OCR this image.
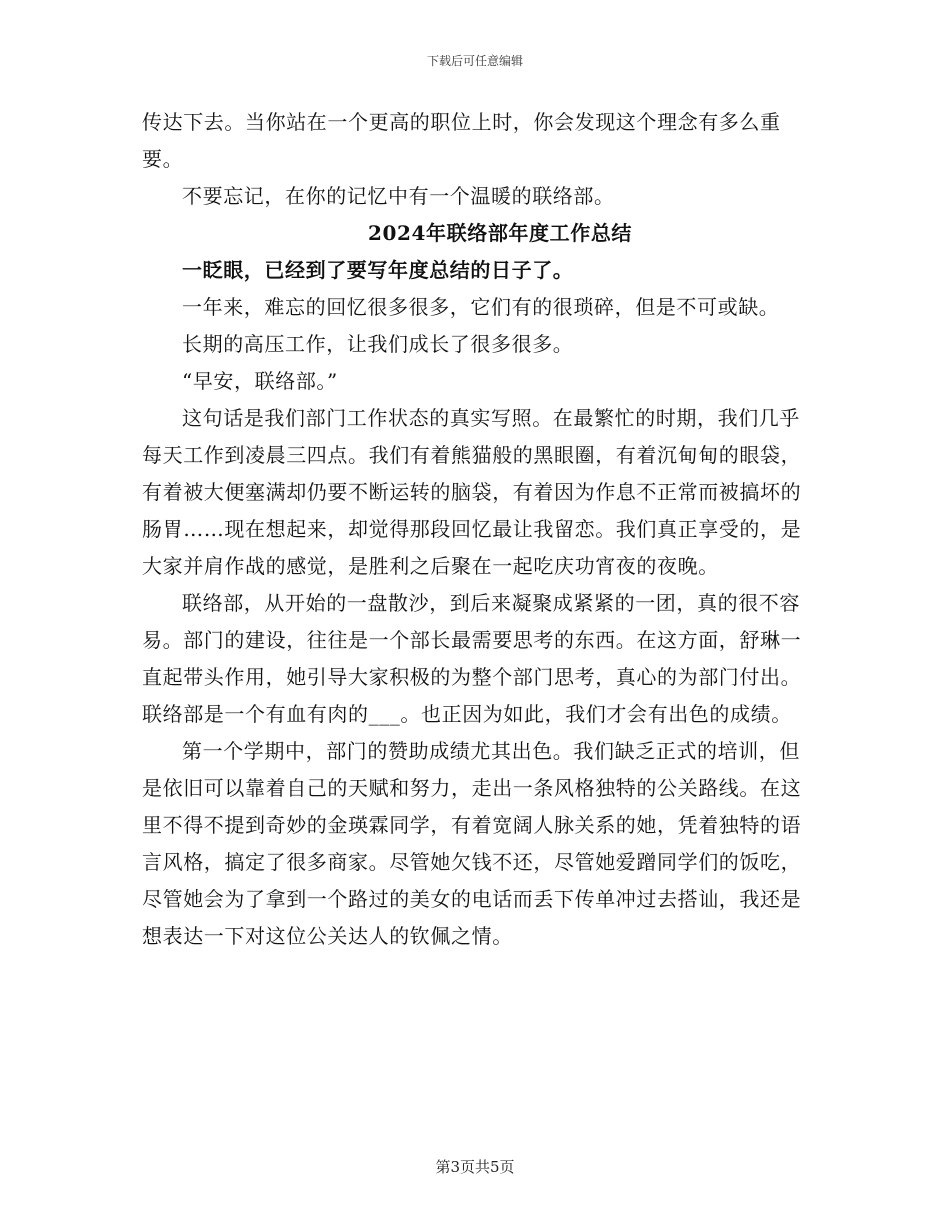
下载后可任意编辑

传达下去。当你站在一个更高的职位上时，你会发现这个理念有多么重要。

不要忘记，在你的记忆中有一个温暖的联络部。

2024年联络部年度工作总结

一眨眼，已经到了要写年度总结的日子了。

一年来，难忘的回忆很多很多，它们有的很琐碎，但是不可或缺。

长期的高压工作，让我们成长了很多很多。

“早安，联络部。”

这句话是我们部门工作状态的真实写照。在最繁忙的时期，我们几乎每天工作到凌晨三四点。我们有着熊猫般的黑眼圈，有着沉甸甸的眼袋，有着被大便塞满却仍要不断运转的脑袋，有着因为作息不正常而被搞坏的肠胃……现在想起来，却觉得那段回忆最让我留恋。我们真正享受的，是大家并肩作战的感觉，是胜利之后聚在一起吃庆功宵夜的夜晚。

联络部，从开始的一盘散沙，到后来凝聚成紧紧的一团，真的很不容易。部门的建设，往往是一个部长最需要思考的东西。在这方面，舒琳一直起带头作用，她引导大家积极的为整个部门思考，真心的为部门付出。联络部是一个有血有肉的___。也正因为如此，我们才会有出色的成绩。

第一个学期中，部门的赞助成绩尤其出色。我们缺乏正式的培训，但是依旧可以靠着自己的天赋和努力，走出一条风格独特的公关路线。在这里不得不提到奇妙的金瑛霖同学，有着宽阔人脉关系的她，凭着独特的语言风格，搞定了很多商家。尽管她欠钱不还，尽管她爱蹭同学们的饭吃，尽管她会为了拿到一个路过的美女的电话而丢下传单冲过去搭讪，我还是想表达一下对这位公关达人的钦佩之情。

第3页共5页
